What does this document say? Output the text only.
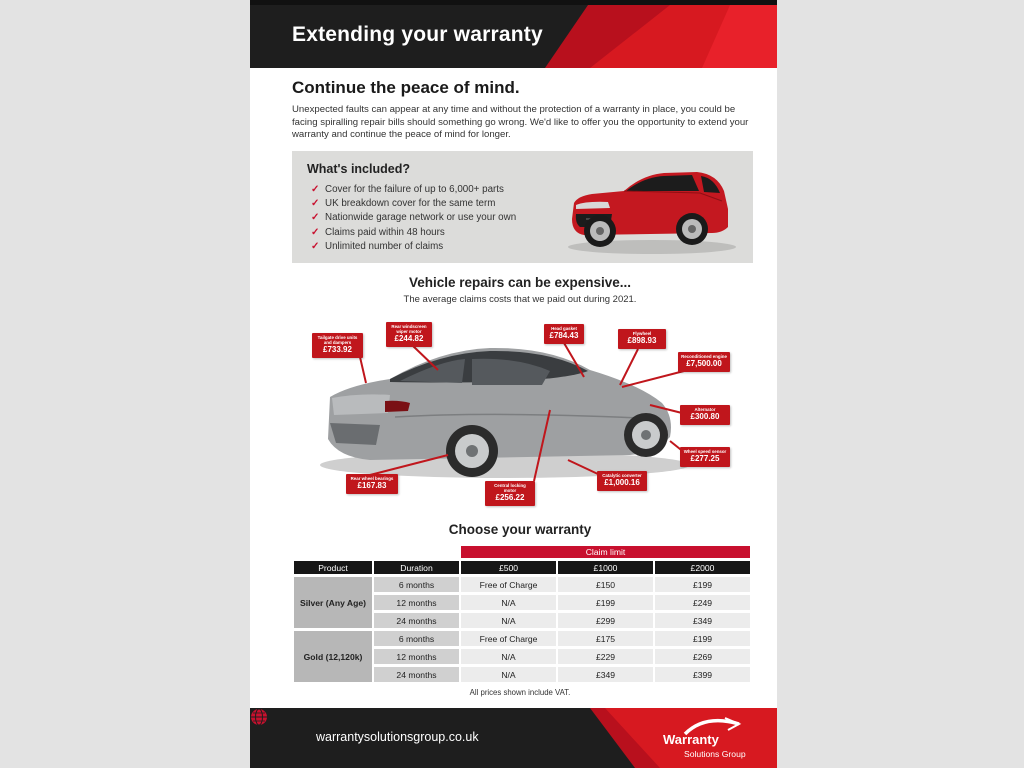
Extending your warranty
Continue the peace of mind.
Unexpected faults can appear at any time and without the protection of a warranty in place, you could be facing spiralling repair bills should something go wrong. We'd like to offer you the opportunity to extend your warranty and continue the peace of mind for longer.
What's included?
✓ Cover for the failure of up to 6,000+ parts
✓ UK breakdown cover for the same term
✓ Nationwide garage network or use your own
✓ Claims paid within 48 hours
✓ Unlimited number of claims
Vehicle repairs can be expensive...
The average claims costs that we paid out during 2021.
Tailgate drive units and dampers
£733.92
Rear windscreen wiper motor
£244.82
Head gasket
£784.43	Flywheel
£898.93
Reconditioned engine
£7,500.00
Alternator
£300.80
Wheel speed sensor
£277.25
Catalytic converter
£1,000.16
Central locking motor
£256.22
Rear wheel bearings
£167.83
Choose your warranty
		Claim limit		
Product	Duration	£500	£1000	£2000
Silver (Any Age)	6 months	Free of Charge	£150	£199
	12 months	N/A	£199	£249
	24 months	N/A	£299	£349
Gold (12,120k)	6 months	Free of Charge	£175	£199
	12 months	N/A	£229	£269
	24 months	N/A	£349	£399
All prices shown include VAT.
warrantysolutionsgroup.co.uk	Warranty
Solutions Group
